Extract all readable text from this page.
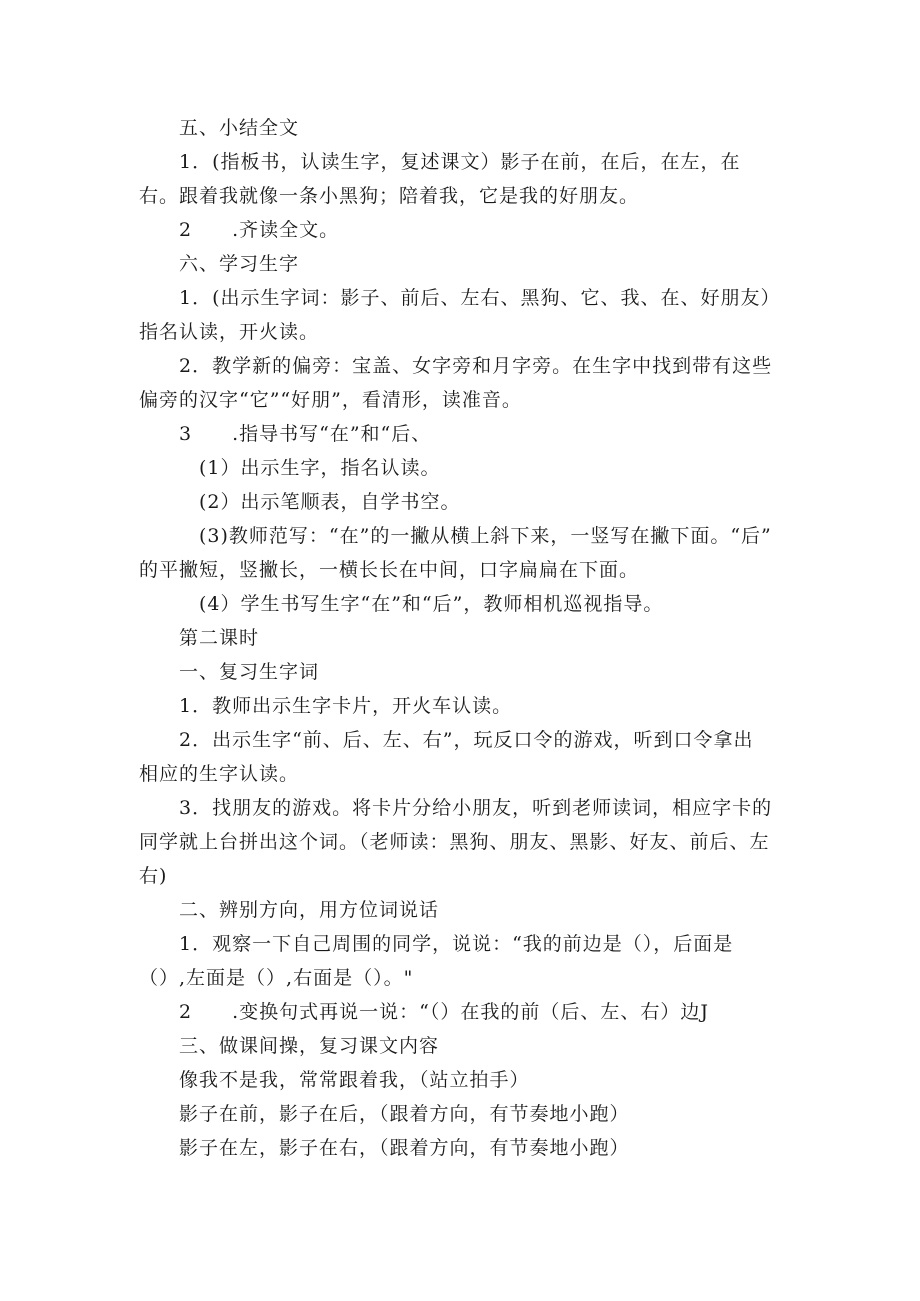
五、小结全文
1．(指板书，认读生字，复述课文）影子在前，在后，在左，在
右。跟着我就像一条小黑狗；陪着我，它是我的好朋友。
2　　.齐读全文。
六、学习生字
1．(出示生字词：影子、前后、左右、黑狗、它、我、在、好朋友）
指名认读，开火读。
2．教学新的偏旁：宝盖、女字旁和月字旁。在生字中找到带有这些
偏旁的汉字“它”“好朋”，看清形，读准音。
3　　.指导书写“在”和“后、
(1）出示生字，指名认读。
(2）出示笔顺表，自学书空。
(3)教师范写：“在”的一撇从横上斜下来，一竖写在撇下面。“后”
的平撇短，竖撇长，一横长长在中间，口字扁扁在下面。
(4）学生书写生字“在”和“后”，教师相机巡视指导。
第二课时
一、复习生字词
1．教师出示生字卡片，开火车认读。
2．出示生字“前、后、左、右”，玩反口令的游戏，听到口令拿出
相应的生字认读。
3．找朋友的游戏。将卡片分给小朋友，听到老师读词，相应字卡的
同学就上台拼出这个词。（老师读：黑狗、朋友、黑影、好友、前后、左
右)
二、辨别方向，用方位词说话
1．观察一下自己周围的同学，说说：“我的前边是（），后面是
（）,左面是（）,右面是（）。"
2　　.变换句式再说一说：“（）在我的前（后、左、右）边J
三、做课间操，复习课文内容
像我不是我，常常跟着我，（站立拍手）
影子在前，影子在后，（跟着方向，有节奏地小跑）
影子在左，影子在右，（跟着方向，有节奏地小跑）
